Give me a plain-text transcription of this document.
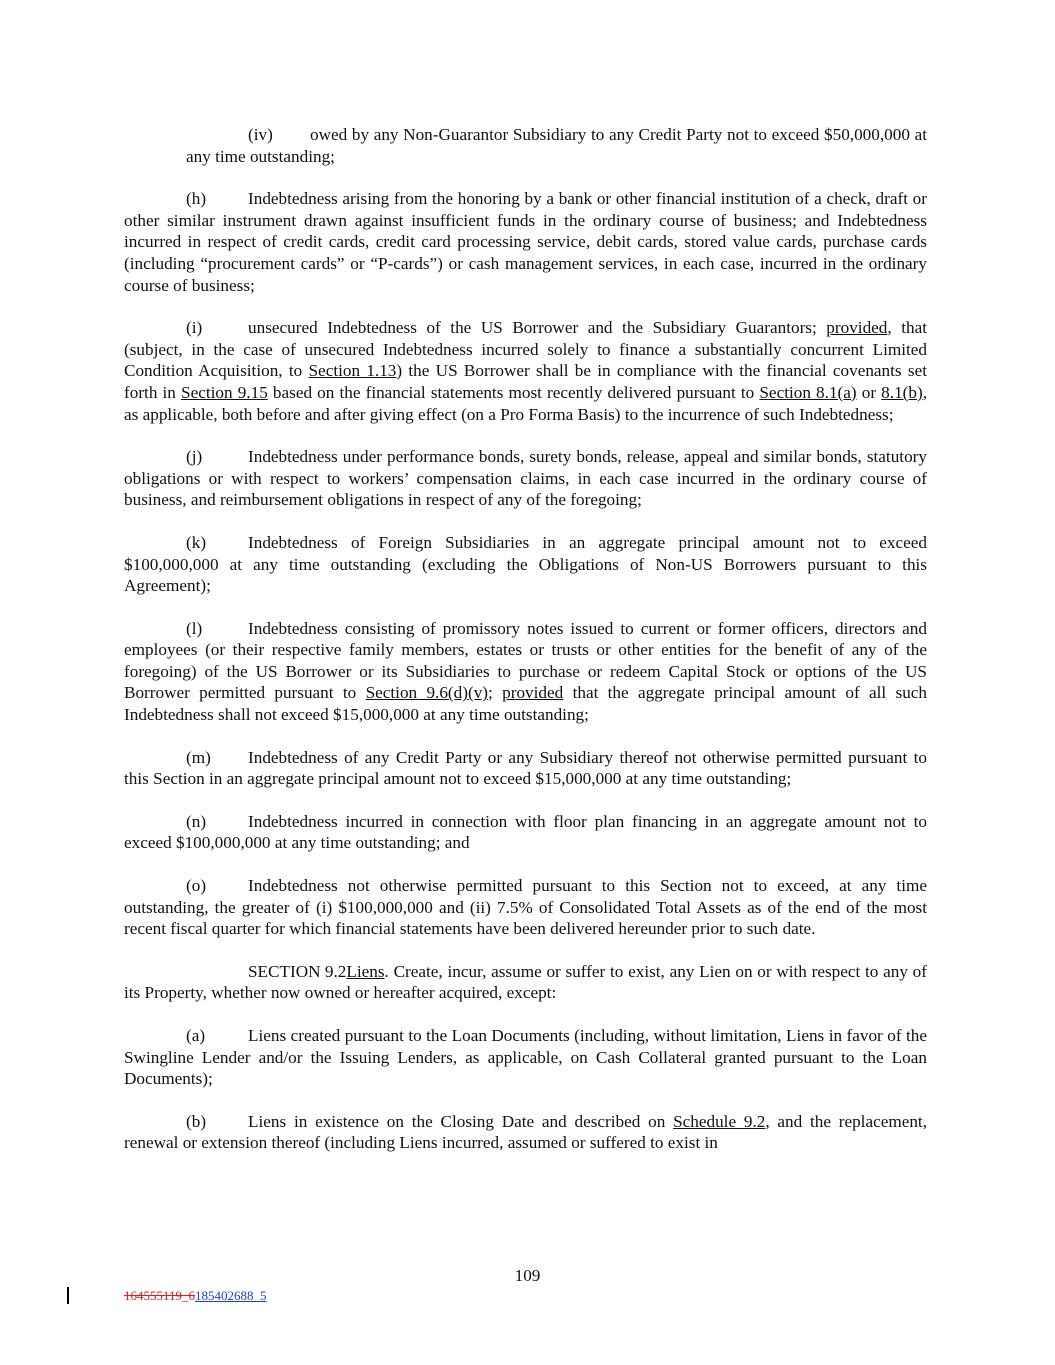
(iv) owed by any Non-Guarantor Subsidiary to any Credit Party not to exceed $50,000,000 at any time outstanding;

(h) Indebtedness arising from the honoring by a bank or other financial institution of a check, draft or other similar instrument drawn against insufficient funds in the ordinary course of business; and Indebtedness incurred in respect of credit cards, credit card processing service, debit cards, stored value cards, purchase cards (including “procurement cards” or “P-cards”) or cash management services, in each case, incurred in the ordinary course of business;

(i)	unsecured Indebtedness of the US Borrower and the Subsidiary Guarantors; provided, that (subject, in the case of unsecured Indebtedness incurred solely to finance a substantially concurrent Limited Condition Acquisition, to Section 1.13) the US Borrower shall be in compliance with the financial covenants set forth in Section 9.15 based on the financial statements most recently delivered pursuant to Section 8.1(a) or 8.1(b), as applicable, both before and after giving effect (on a Pro Forma Basis) to the incurrence of such Indebtedness;

(j)	Indebtedness under performance bonds, surety bonds, release, appeal and similar bonds, statutory obligations or with respect to workers’ compensation claims, in each case incurred in the ordinary course of business, and reimbursement obligations in respect of any of the foregoing;

(k) Indebtedness of Foreign Subsidiaries in an aggregate principal amount not to exceed $100,000,000 at any time outstanding (excluding the Obligations of Non-US Borrowers pursuant to this Agreement);

(l)	Indebtedness consisting of promissory notes issued to current or former officers, directors and employees (or their respective family members, estates or trusts or other entities for the benefit of any of the foregoing) of the US Borrower or its Subsidiaries to purchase or redeem Capital Stock or options of the US Borrower permitted pursuant to Section 9.6(d)(v); provided that the aggregate principal amount of all such Indebtedness shall not exceed $15,000,000 at any time outstanding;

(m) Indebtedness of any Credit Party or any Subsidiary thereof not otherwise permitted pursuant to this Section in an aggregate principal amount not to exceed $15,000,000 at any time outstanding;

(n) Indebtedness incurred in connection with floor plan financing in an aggregate amount not to exceed $100,000,000 at any time outstanding; and

(o) Indebtedness not otherwise permitted pursuant to this Section not to exceed, at any time outstanding, the greater of (i) $100,000,000 and (ii) 7.5% of Consolidated Total Assets as of the end of the most recent fiscal quarter for which financial statements have been delivered hereunder prior to such date.

SECTION 9.2Liens. Create, incur, assume or suffer to exist, any Lien on or with respect to any of its Property, whether now owned or hereafter acquired, except:

(a) Liens created pursuant to the Loan Documents (including, without limitation, Liens in favor of the Swingline Lender and/or the Issuing Lenders, as applicable, on Cash Collateral granted pursuant to the Loan Documents);

(b) Liens in existence on the Closing Date and described on Schedule 9.2, and the replacement, renewal or extension thereof (including Liens incurred, assumed or suffered to exist in

109
164555119_6185402688_5
